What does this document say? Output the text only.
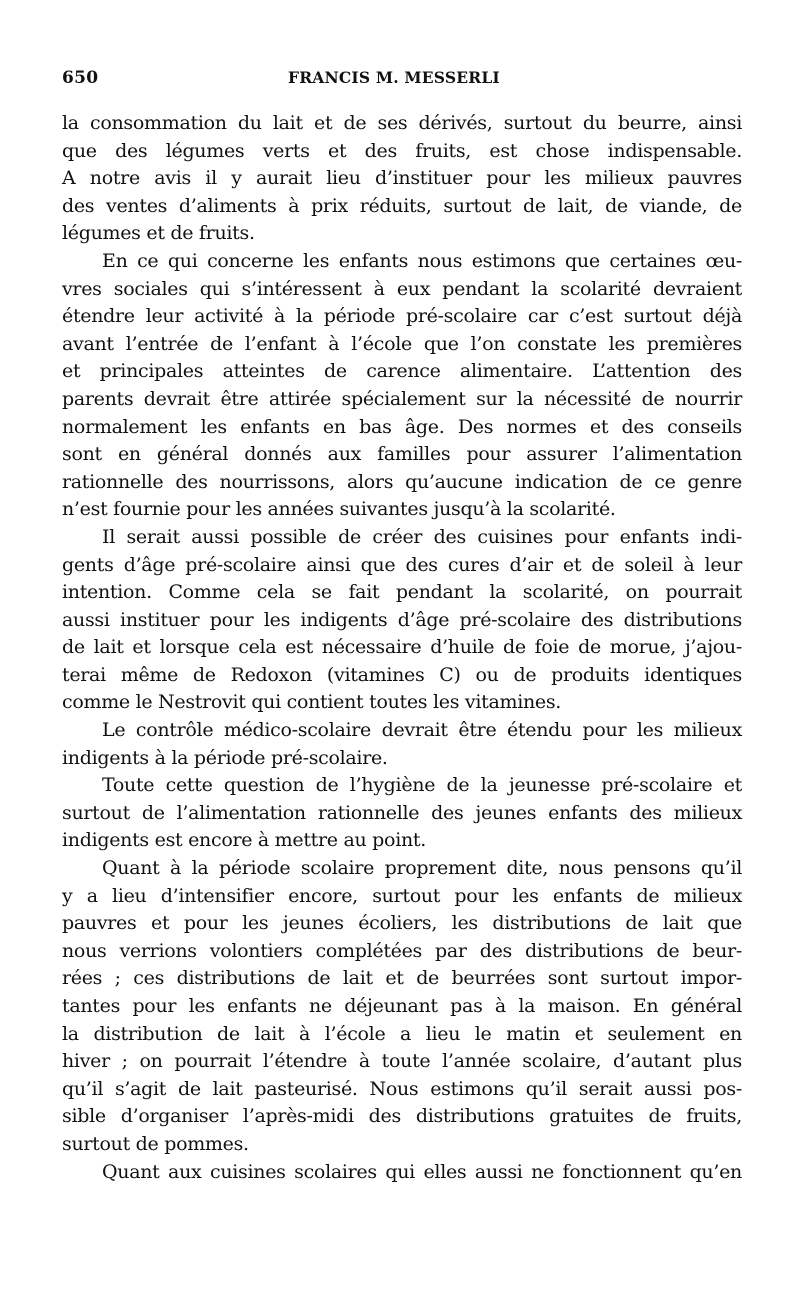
650	FRANCIS M. MESSERLI
la consommation du lait et de ses dérivés, surtout du beurre, ainsi
que des légumes verts et des fruits, est chose indispensable.
A notre avis il y aurait lieu d’instituer pour les milieux pauvres
des ventes d’aliments à prix réduits, surtout de lait, de viande, de
légumes et de fruits.
En ce qui concerne les enfants nous estimons que certaines œu-
vres sociales qui s’intéressent à eux pendant la scolarité devraient
étendre leur activité à la période pré-scolaire car c’est surtout déjà
avant l’entrée de l’enfant à l’école que l’on constate les premières
et principales atteintes de carence alimentaire. L’attention des
parents devrait être attirée spécialement sur la nécessité de nourrir
normalement les enfants en bas âge. Des normes et des conseils
sont en général donnés aux familles pour assurer l’alimentation
rationnelle des nourrissons, alors qu’aucune indication de ce genre
n’est fournie pour les années suivantes jusqu’à la scolarité.
Il serait aussi possible de créer des cuisines pour enfants indi-
gents d’âge pré-scolaire ainsi que des cures d’air et de soleil à leur
intention. Comme cela se fait pendant la scolarité, on pourrait
aussi instituer pour les indigents d’âge pré-scolaire des distributions
de lait et lorsque cela est nécessaire d’huile de foie de morue, j’ajou-
terai même de Redoxon (vitamines C) ou de produits identiques
comme le Nestrovit qui contient toutes les vitamines.
Le contrôle médico-scolaire devrait être étendu pour les milieux
indigents à la période pré-scolaire.
Toute cette question de l’hygiène de la jeunesse pré-scolaire et
surtout de l’alimentation rationnelle des jeunes enfants des milieux
indigents est encore à mettre au point.
Quant à la période scolaire proprement dite, nous pensons qu’il
y a lieu d’intensifier encore, surtout pour les enfants de milieux
pauvres et pour les jeunes écoliers, les distributions de lait que
nous verrions volontiers complétées par des distributions de beur-
rées ; ces distributions de lait et de beurrées sont surtout impor-
tantes pour les enfants ne déjeunant pas à la maison. En général
la distribution de lait à l’école a lieu le matin et seulement en
hiver ; on pourrait l’étendre à toute l’année scolaire, d’autant plus
qu’il s’agit de lait pasteurisé. Nous estimons qu’il serait aussi pos-
sible d’organiser l’après-midi des distributions gratuites de fruits,
surtout de pommes.
Quant aux cuisines scolaires qui elles aussi ne fonctionnent qu’en
